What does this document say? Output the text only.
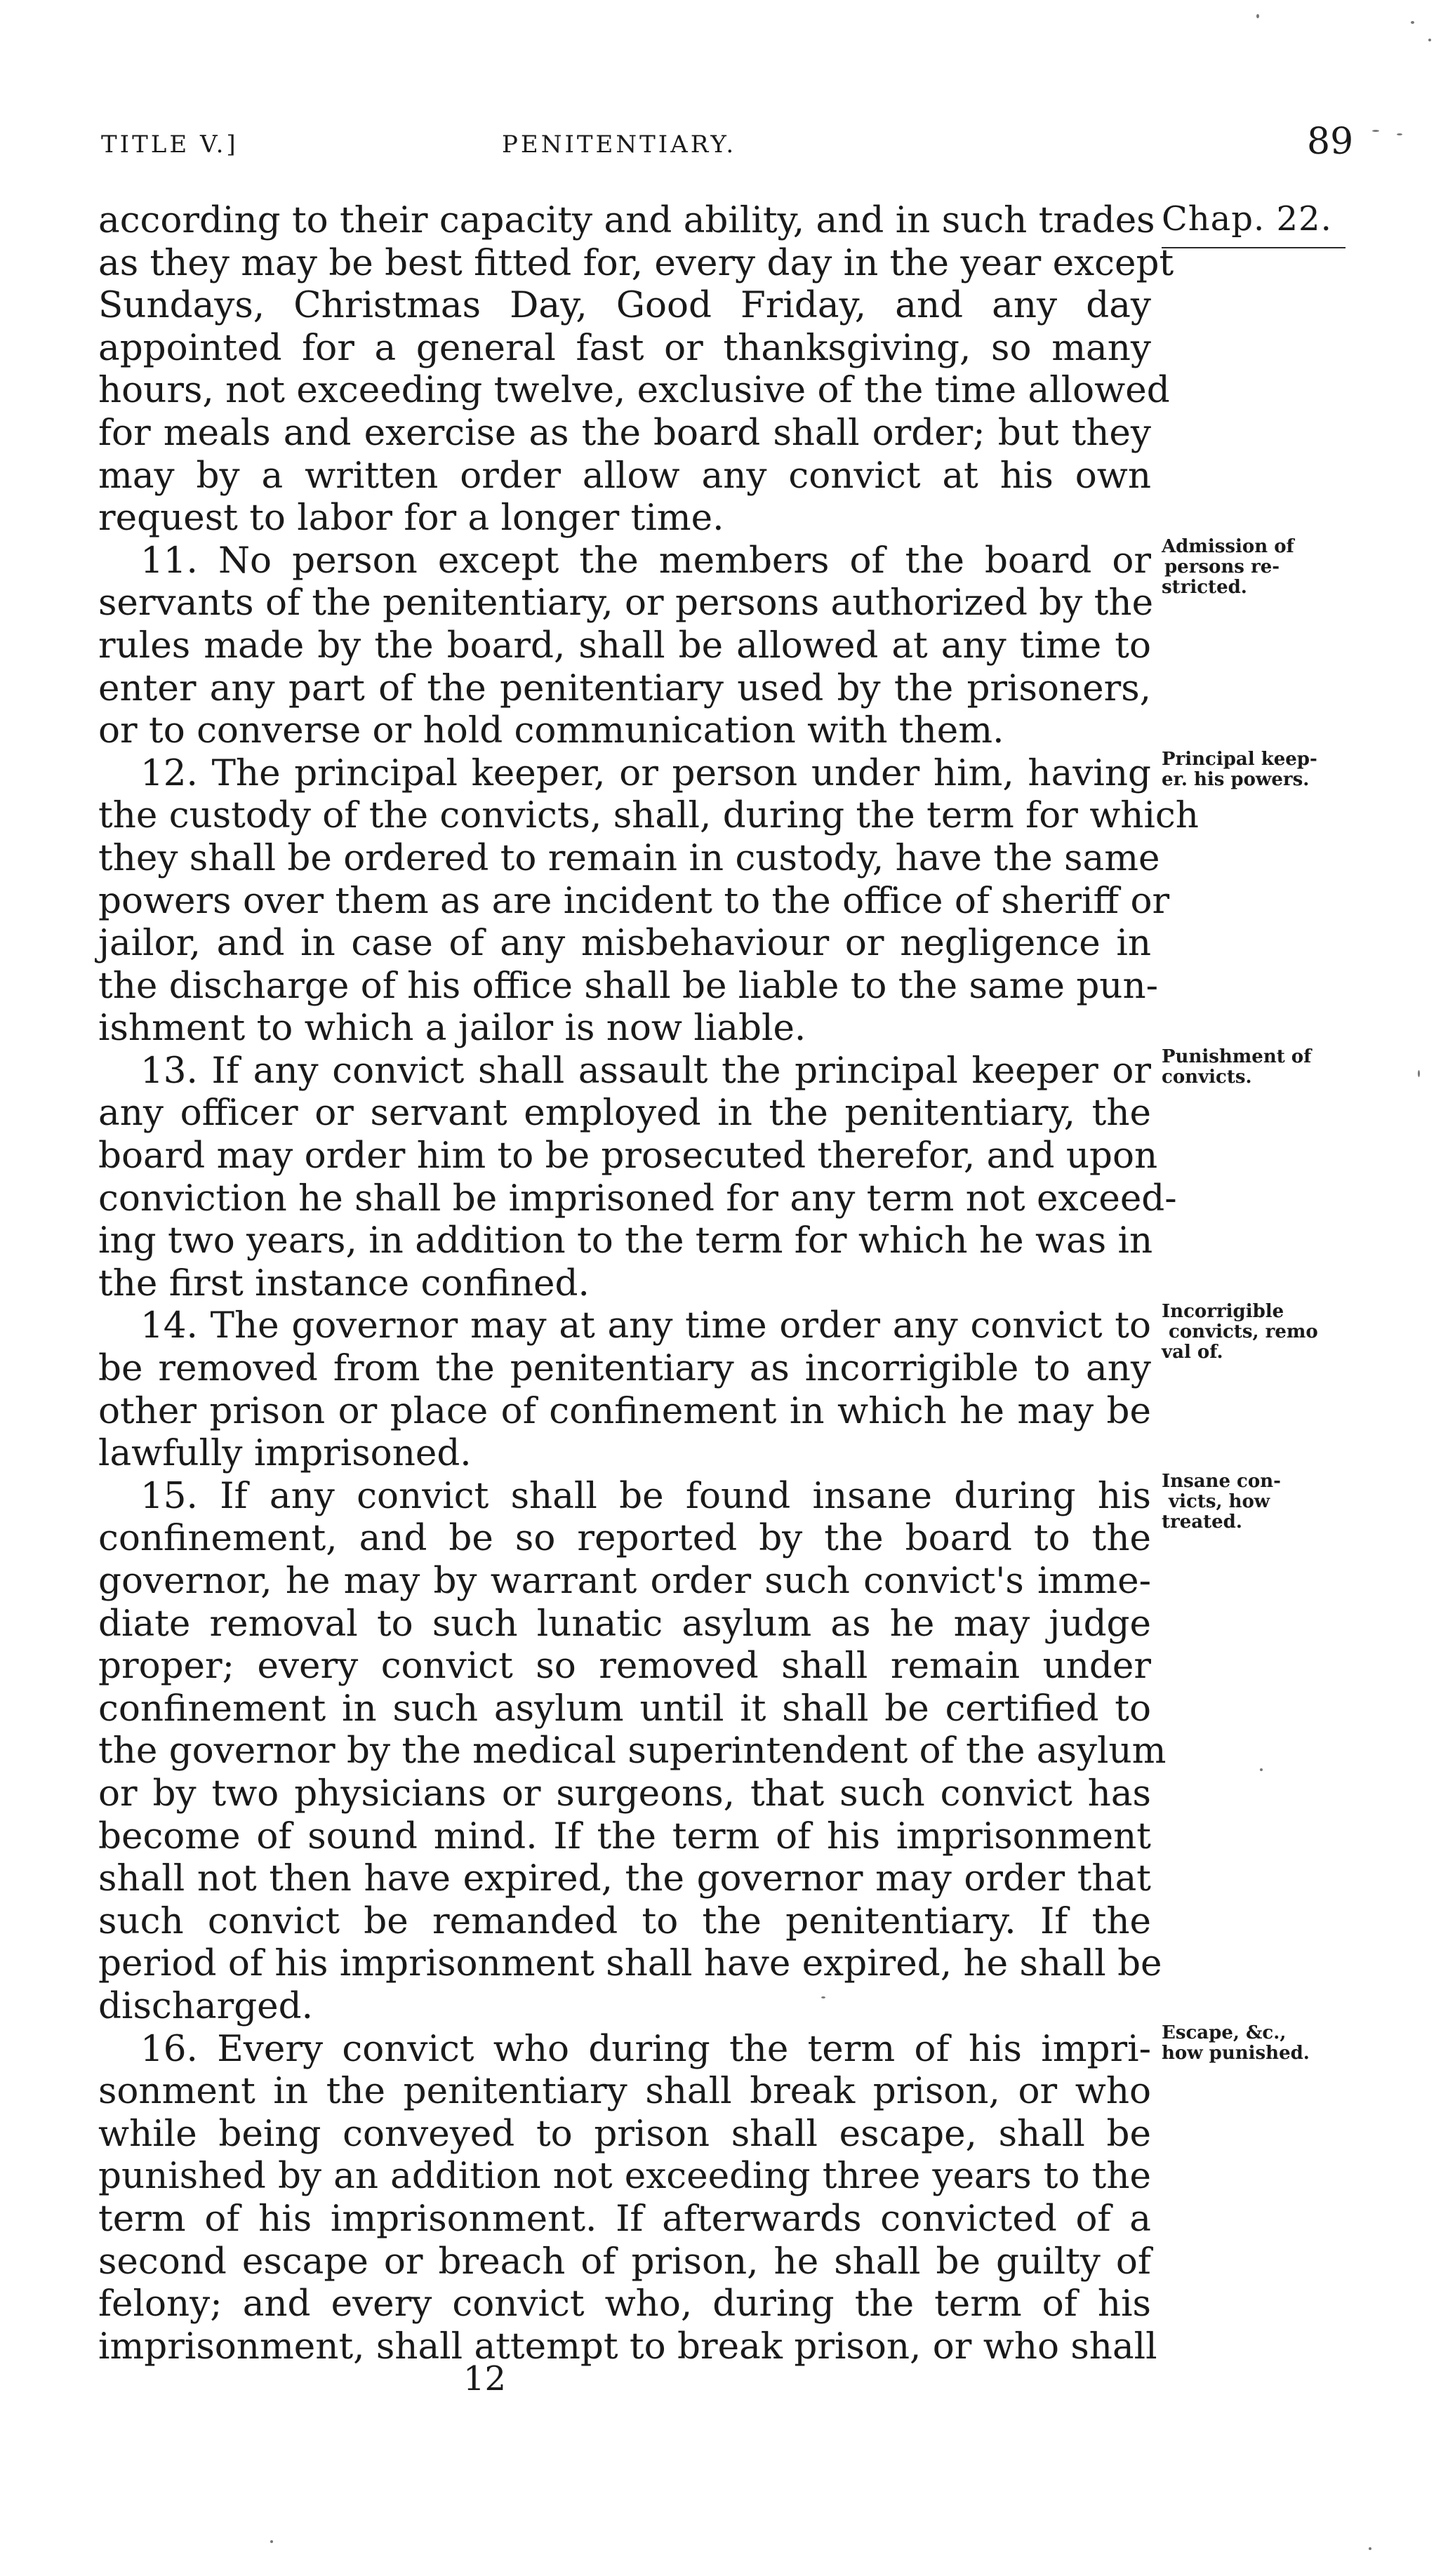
TITLE V.]	PENITENTIARY.	89
according to their capacity and ability, and in such trades
as they may be best fitted for, every day in the year except
Sundays, Christmas Day, Good Friday, and any day
appointed for a general fast or thanksgiving, so many
hours, not exceeding twelve, exclusive of the time allowed
for meals and exercise as the board shall order; but they
may by a written order allow any convict at his own
request to labor for a longer time.
11. No person except the members of the board or
servants of the penitentiary, or persons authorized by the
rules made by the board, shall be allowed at any time to
enter any part of the penitentiary used by the prisoners,
or to converse or hold communication with them.
12. The principal keeper, or person under him, having
the custody of the convicts, shall, during the term for which
they shall be ordered to remain in custody, have the same
powers over them as are incident to the office of sheriff or
jailor, and in case of any misbehaviour or negligence in
the discharge of his office shall be liable to the same pun-
ishment to which a jailor is now liable.
13. If any convict shall assault the principal keeper or
any officer or servant employed in the penitentiary, the
board may order him to be prosecuted therefor, and upon
conviction he shall be imprisoned for any term not exceed-
ing two years, in addition to the term for which he was in
the first instance confined.
14. The governor may at any time order any convict to
be removed from the penitentiary as incorrigible to any
other prison or place of confinement in which he may be
lawfully imprisoned.
15. If any convict shall be found insane during his
confinement, and be so reported by the board to the
governor, he may by warrant order such convict's imme-
diate removal to such lunatic asylum as he may judge
proper; every convict so removed shall remain under
confinement in such asylum until it shall be certified to
the governor by the medical superintendent of the asylum
or by two physicians or surgeons, that such convict has
become of sound mind. If the term of his imprisonment
shall not then have expired, the governor may order that
such convict be remanded to the penitentiary. If the
period of his imprisonment shall have expired, he shall be
discharged.
16. Every convict who during the term of his impri-
sonment in the penitentiary shall break prison, or who
while being conveyed to prison shall escape, shall be
punished by an addition not exceeding three years to the
term of his imprisonment. If afterwards convicted of a
second escape or breach of prison, he shall be guilty of
felony; and every convict who, during the term of his
imprisonment, shall attempt to break prison, or who shall
Chap. 22.
Admission of
persons re-
stricted.
Principal keep-
er. his powers.
Punishment of
convicts.
Incorrigible
convicts, remo
val of.
Insane con-
victs, how
treated.
Escape, &c.,
how punished.
12
